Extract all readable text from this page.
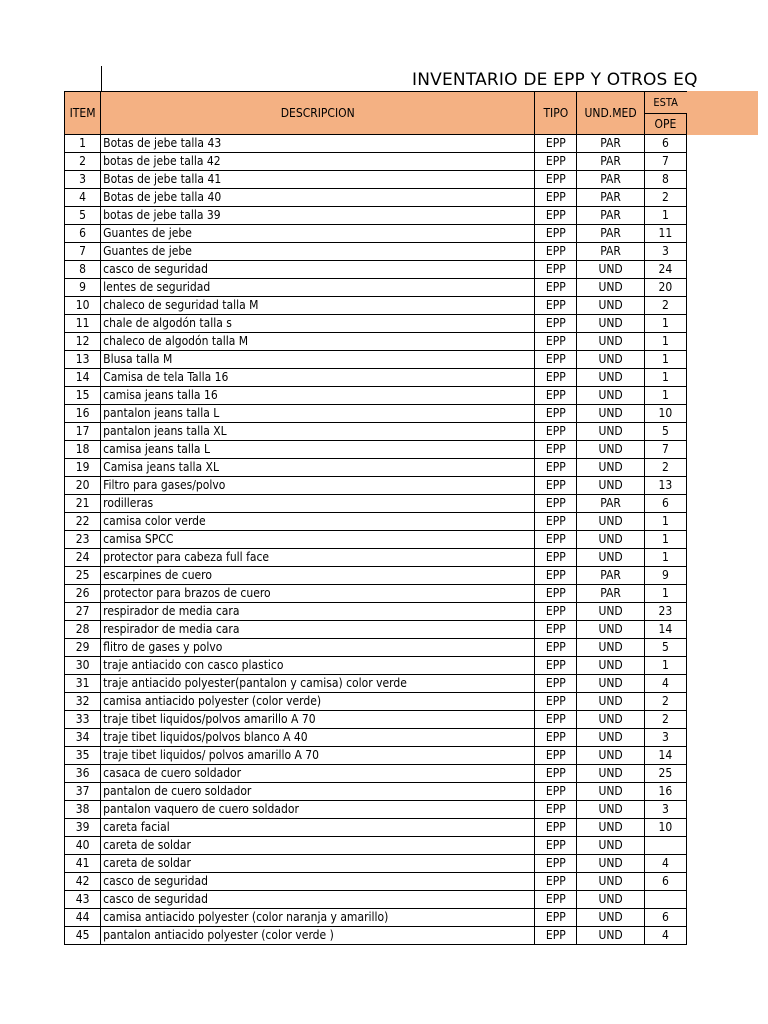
INVENTARIO DE EPP Y OTROS EQ
ITEM	DESCRIPCION	TIPO	UND.MED	ESTA
				OPE
1	Botas de jebe talla 43	EPP	PAR	6
2	botas de jebe talla 42	EPP	PAR	7
3	Botas de jebe talla 41	EPP	PAR	8
4	Botas de jebe talla 40	EPP	PAR	2
5	botas de jebe talla 39	EPP	PAR	1
6	Guantes de jebe	EPP	PAR	11
7	Guantes de jebe	EPP	PAR	3
8	casco de seguridad	EPP	UND	24
9	lentes de seguridad	EPP	UND	20
10	chaleco de seguridad talla M	EPP	UND	2
11	chale de algodón talla s	EPP	UND	1
12	chaleco de algodón talla M	EPP	UND	1
13	Blusa talla M	EPP	UND	1
14	Camisa de tela Talla 16	EPP	UND	1
15	camisa jeans talla 16	EPP	UND	1
16	pantalon jeans talla L	EPP	UND	10
17	pantalon jeans talla XL	EPP	UND	5
18	camisa jeans talla L	EPP	UND	7
19	Camisa jeans talla XL	EPP	UND	2
20	Filtro para gases/polvo	EPP	UND	13
21	rodilleras	EPP	PAR	6
22	camisa color verde	EPP	UND	1
23	camisa SPCC	EPP	UND	1
24	protector para cabeza full face	EPP	UND	1
25	escarpines de cuero	EPP	PAR	9
26	protector para brazos de cuero	EPP	PAR	1
27	respirador de media cara	EPP	UND	23
28	respirador de media cara	EPP	UND	14
29	flitro de gases y polvo	EPP	UND	5
30	traje antiacido con casco plastico	EPP	UND	1
31	traje antiacido polyester(pantalon y camisa) color verde	EPP	UND	4
32	camisa antiacido polyester (color verde)	EPP	UND	2
33	traje tibet liquidos/polvos amarillo A 70	EPP	UND	2
34	traje tibet liquidos/polvos blanco A 40	EPP	UND	3
35	traje tibet liquidos/ polvos amarillo A 70	EPP	UND	14
36	casaca de cuero soldador	EPP	UND	25
37	pantalon de cuero soldador	EPP	UND	16
38	pantalon vaquero de cuero soldador	EPP	UND	3
39	careta facial	EPP	UND	10
40	careta de soldar	EPP	UND	
41	careta de soldar	EPP	UND	4
42	casco de seguridad	EPP	UND	6
43	casco de seguridad	EPP	UND	
44	camisa antiacido polyester (color naranja y amarillo)	EPP	UND	6
45	pantalon antiacido polyester (color verde )	EPP	UND	4
